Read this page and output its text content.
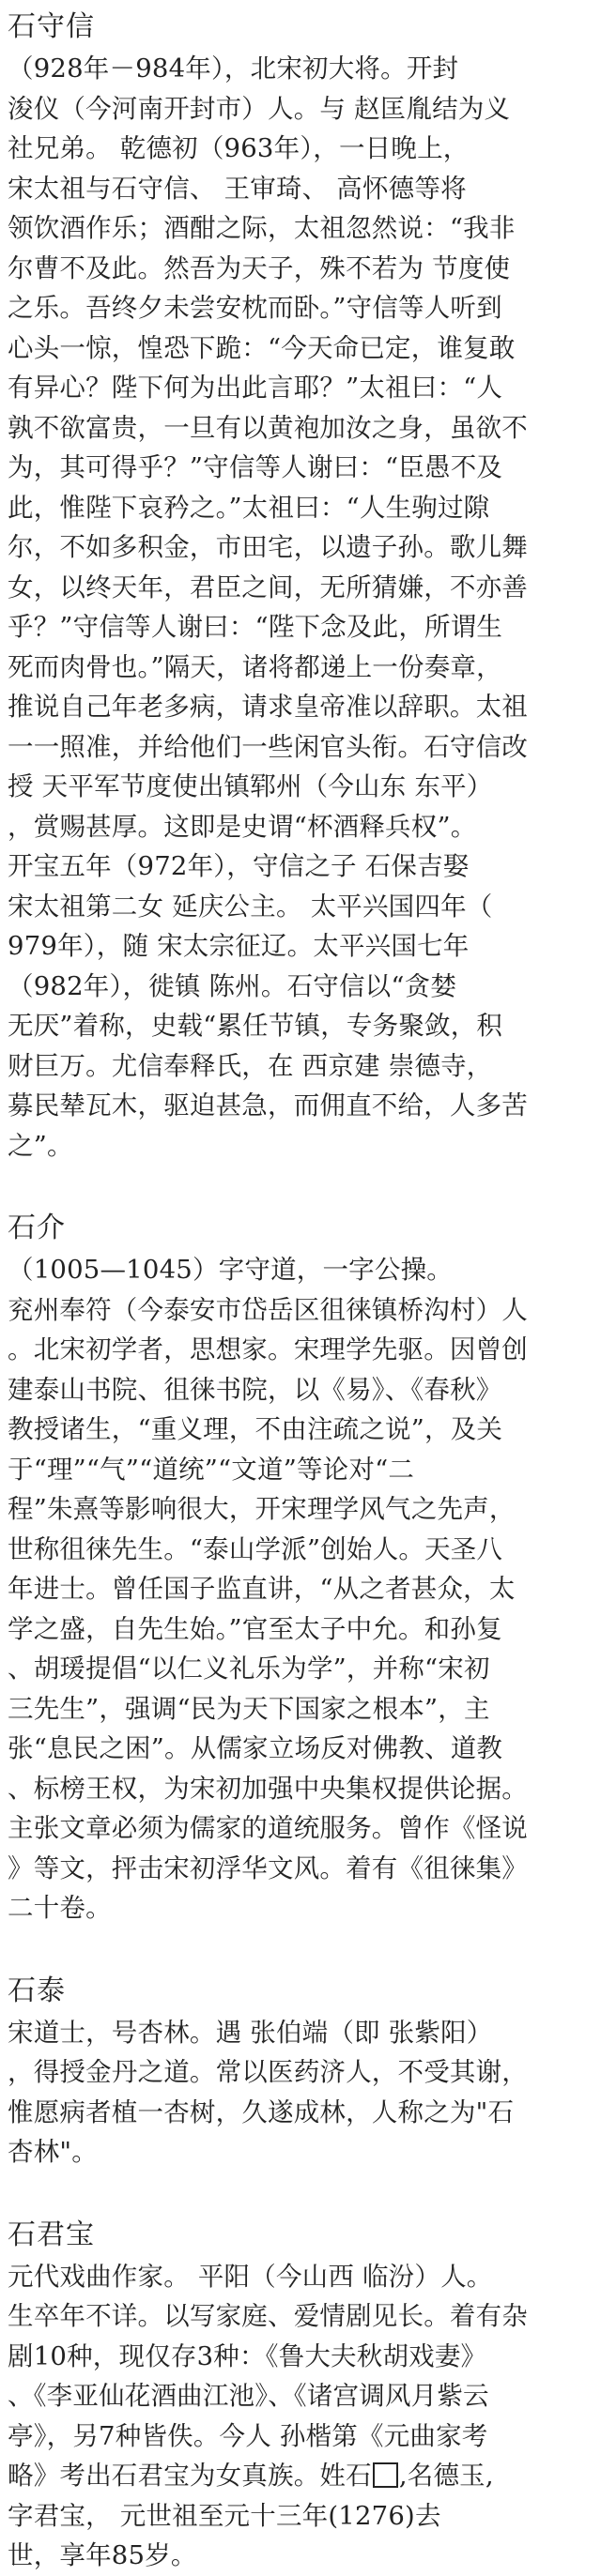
石守信
（928年－984年），北宋初大将。开封
浚仪（今河南开封市）人。与 赵匡胤结为义
社兄弟。 乾德初（963年），一日晚上，
宋太祖与石守信、 王审琦、 高怀德等将
领饮酒作乐；酒酣之际，太祖忽然说：“我非
尔曹不及此。然吾为天子，殊不若为 节度使
之乐。吾终夕未尝安枕而卧。”守信等人听到
心头一惊，惶恐下跪：“今天命已定，谁复敢
有异心？陛下何为出此言耶？”太祖曰：“人
孰不欲富贵，一旦有以黄袍加汝之身，虽欲不
为，其可得乎？”守信等人谢曰：“臣愚不及
此，惟陛下哀矜之。”太祖曰：“人生驹过隙
尔，不如多积金，市田宅，以遗子孙。歌儿舞
女，以终天年，君臣之间，无所猜嫌，不亦善
乎？”守信等人谢曰：“陛下念及此，所谓生
死而肉骨也。”隔天，诸将都递上一份奏章，
推说自己年老多病，请求皇帝准以辞职。太祖
一一照准，并给他们一些闲官头衔。石守信改
授 天平军节度使出镇郓州（今山东 东平）
，赏赐甚厚。这即是史谓“杯酒释兵权”。
开宝五年（972年），守信之子 石保吉娶
宋太祖第二女 延庆公主。 太平兴国四年（
979年），随 宋太宗征辽。太平兴国七年
（982年），徙镇 陈州。石守信以“贪婪
无厌”着称，史载“累任节镇，专务聚敛，积
财巨万。尤信奉释氏，在 西京建 崇德寺，
募民辇瓦木，驱迫甚急，而佣直不给，人多苦
之”。
石介
（1005—1045）字守道，一字公操。
兖州奉符（今泰安市岱岳区徂徕镇桥沟村）人
。北宋初学者，思想家。宋理学先驱。因曾创
建泰山书院、徂徕书院，以《易》、《春秋》
教授诸生，“重义理，不由注疏之说”，及关
于“理”“气”“道统”“文道”等论对“二
程”朱熹等影响很大，开宋理学风气之先声，
世称徂徕先生。“泰山学派”创始人。天圣八
年进士。曾任国子监直讲，“从之者甚众，太
学之盛，自先生始。”官至太子中允。和孙复
、胡瑗提倡“以仁义礼乐为学”，并称“宋初
三先生”，强调“民为天下国家之根本”，主
张“息民之困”。从儒家立场反对佛教、道教
、标榜王权，为宋初加强中央集权提供论据。
主张文章必须为儒家的道统服务。曾作《怪说
》等文，抨击宋初浮华文风。着有《徂徕集》
二十卷。
石泰
宋道士，号杏林。遇 张伯端（即 张紫阳）
，得授金丹之道。常以医药济人，不受其谢，
惟愿病者植一杏树，久遂成林，人称之为"石
杏林"。
石君宝
元代戏曲作家。 平阳（今山西 临汾）人。
生卒年不详。以写家庭、爱情剧见长。着有杂
剧10种，现仅存3种：《鲁大夫秋胡戏妻》
、《李亚仙花酒曲江池》、《诸宫调风月紫云
亭》，另7种皆佚。今人 孙楷第《元曲家考
略》考出石君宝为女真族。姓石 ,名德玉,
字君宝， 元世祖至元十三年(1276)去
世，享年85岁。
